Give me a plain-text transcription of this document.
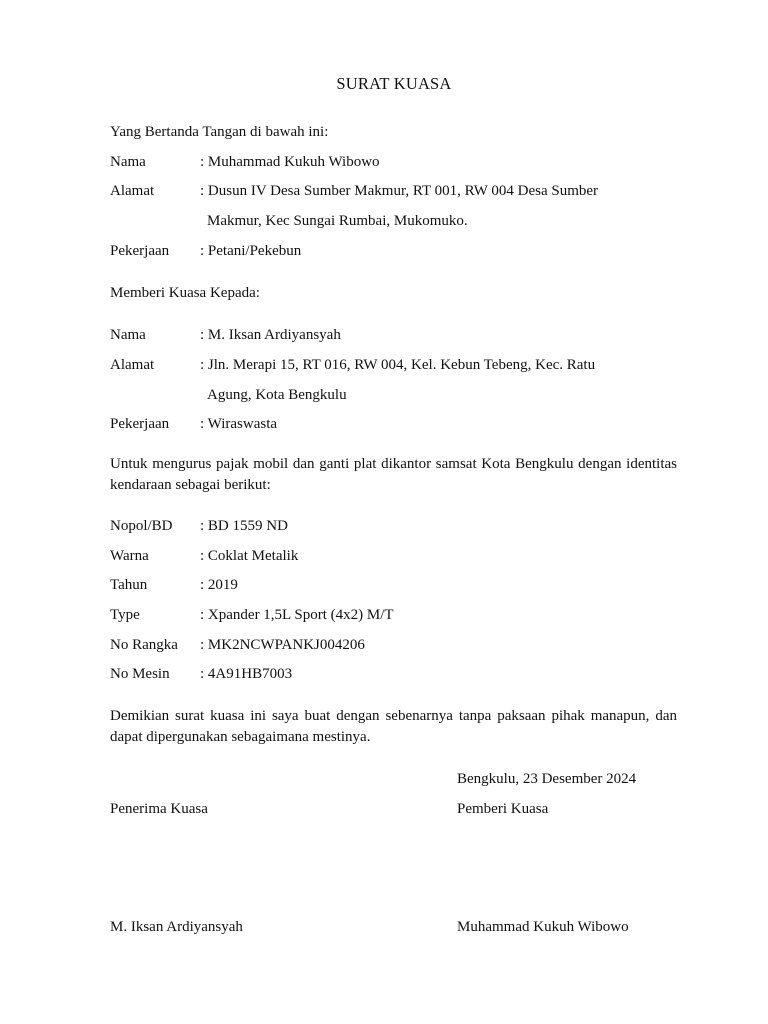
SURAT KUASA
Yang Bertanda Tangan di bawah ini:
Nama	: Muhammad Kukuh Wibowo
Alamat	: Dusun IV Desa Sumber Makmur, RT 001, RW 004 Desa Sumber
Makmur, Kec Sungai Rumbai, Mukomuko.
Pekerjaan : Petani/Pekebun
Memberi Kuasa Kepada:
Nama	: M. Iksan Ardiyansyah
Alamat	: Jln. Merapi 15, RT 016, RW 004, Kel. Kebun Tebeng, Kec. Ratu
Agung, Kota Bengkulu
Pekerjaan : Wiraswasta
Untuk mengurus pajak mobil dan ganti plat dikantor samsat Kota Bengkulu dengan identitas kendaraan sebagai berikut:
Nopol/BD : BD 1559 ND
Warna	: Coklat Metalik
Tahun	: 2019
Type	: Xpander 1,5L Sport (4x2) M/T
No Rangka : MK2NCWPANKJ004206
No Mesin : 4A91HB7003
Demikian surat kuasa ini saya buat dengan sebenarnya tanpa paksaan pihak manapun, dan dapat dipergunakan sebagaimana mestinya.
Bengkulu, 23 Desember 2024
Penerima Kuasa	Pemberi Kuasa
M. Iksan Ardiyansyah	Muhammad Kukuh Wibowo
